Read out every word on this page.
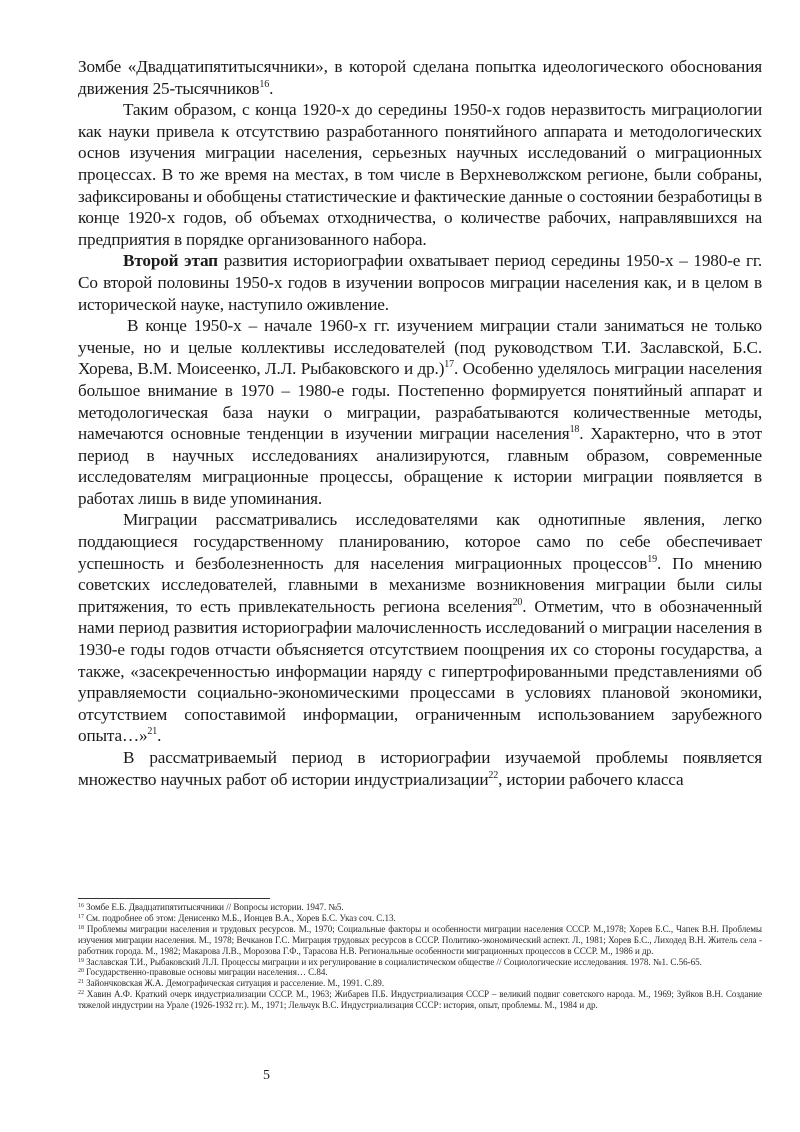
Зомбе «Двадцатипятитысячники», в которой сделана попытка идеологического обоснования движения 25-тысячников$^{16}$.

Таким образом, с конца 1920-х до середины 1950-х годов неразвитость миграциологии как науки привела к отсутствию разработанного понятийного аппарата и методологических основ изучения миграции населения, серьезных научных исследований о миграционных процессах. В то же время на местах, в том числе в Верхневолжском регионе, были собраны, зафиксированы и обобщены статистические и фактические данные о состоянии безработицы в конце 1920-х годов, об объемах отходничества, о количестве рабочих, направлявшихся на предприятия в порядке организованного набора.

Второй этап развития историографии охватывает период середины 1950-х – 1980-е гг. Со второй половины 1950-х годов в изучении вопросов миграции населения как, и в целом в исторической науке, наступило оживление.

В конце 1950-х – начале 1960-х гг. изучением миграции стали заниматься не только ученые, но и целые коллективы исследователей (под руководством Т.И. Заславской, Б.С. Хорева, В.М. Моисеенко, Л.Л. Рыбаковского и др.)$^{17}$. Особенно уделялось миграции населения большое внимание в 1970 – 1980-е годы. Постепенно формируется понятийный аппарат и методологическая база науки о миграции, разрабатываются количественные методы, намечаются основные тенденции в изучении миграции населения$^{18}$. Характерно, что в этот период в научных исследованиях анализируются, главным образом, современные исследователям миграционные процессы, обращение к истории миграции появляется в работах лишь в виде упоминания.

Миграции рассматривались исследователями как однотипные явления, легко поддающиеся государственному планированию, которое само по себе обеспечивает успешность и безболезненность для населения миграционных процессов$^{19}$. По мнению советских исследователей, главными в механизме возникновения миграции были силы притяжения, то есть привлекательность региона вселения$^{20}$. Отметим, что в обозначенный нами период развития историографии малочисленность исследований о миграции населения в 1930-е годы годов отчасти объясняется отсутствием поощрения их со стороны государства, а также, «засекреченностью информации наряду с гипертрофированными представлениями об управляемости социально-экономическими процессами в условиях плановой экономики, отсутствием сопоставимой информации, ограниченным использованием зарубежного опыта…»$^{21}$.

В рассматриваемый период в историографии изучаемой проблемы появляется множество научных работ об истории индустриализации$^{22}$, истории рабочего класса

$^{16}$ Зомбе Е.Б. Двадцатипятитысячники // Вопросы истории. 1947. №5.

$^{17}$ См. подробнее об этом: Денисенко М.Б., Ионцев В.А., Хорев Б.С. Указ соч. С.13.

$^{18}$ Проблемы миграции населения и трудовых ресурсов. М., 1970; Социальные факторы и особенности миграции населения СССР. М.,1978; Хорев Б.С., Чапек В.Н. Проблемы изучения миграции населения. М., 1978; Вечканов Г.С. Миграция трудовых ресурсов в СССР. Политико-экономический аспект. Л., 1981; Хорев Б.С., Лиходед В.Н. Житель села - работник города. М., 1982; Макарова Л.В., Морозова Г.Ф., Тарасова Н.В. Региональные особенности миграционных процессов в СССР. М., 1986 и др.

$^{19}$ Заславская Т.И., Рыбаковский Л.Л. Процессы миграции и их регулирование в социалистическом обществе // Социологические исследования. 1978. №1. С.56-65.

$^{20}$ Государственно-правовые основы миграции населения… С.84.

$^{21}$ Зайончковская Ж.А. Демографическая ситуация и расселение. М., 1991. С.89.

$^{22}$ Хавин А.Ф. Краткий очерк индустриализации СССР. М., 1963; Жибарев П.Б. Индустриализация СССР – великий подвиг советского народа. М., 1969; Зуйков В.Н. Создание тяжелой индустрии на Урале (1926-1932 гг.). М., 1971; Лельчук В.С. Индустриализация СССР: история, опыт, проблемы. М., 1984 и др.

5
